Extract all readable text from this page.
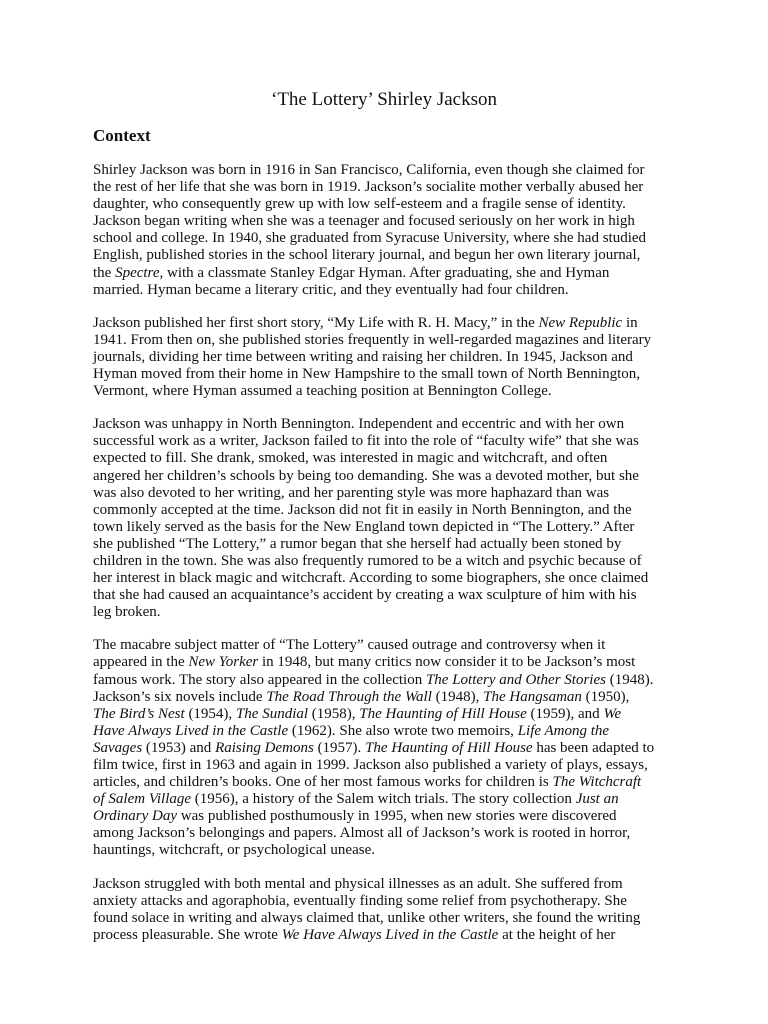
‘The Lottery’ Shirley Jackson
Context
Shirley Jackson was born in 1916 in San Francisco, California, even though she claimed for
the rest of her life that she was born in 1919. Jackson’s socialite mother verbally abused her
daughter, who consequently grew up with low self-esteem and a fragile sense of identity.
Jackson began writing when she was a teenager and focused seriously on her work in high
school and college. In 1940, she graduated from Syracuse University, where she had studied
English, published stories in the school literary journal, and begun her own literary journal,
the Spectre, with a classmate Stanley Edgar Hyman. After graduating, she and Hyman
married. Hyman became a literary critic, and they eventually had four children.
Jackson published her first short story, “My Life with R. H. Macy,” in the New Republic in
1941. From then on, she published stories frequently in well-regarded magazines and literary
journals, dividing her time between writing and raising her children. In 1945, Jackson and
Hyman moved from their home in New Hampshire to the small town of North Bennington,
Vermont, where Hyman assumed a teaching position at Bennington College.
Jackson was unhappy in North Bennington. Independent and eccentric and with her own
successful work as a writer, Jackson failed to fit into the role of “faculty wife” that she was
expected to fill. She drank, smoked, was interested in magic and witchcraft, and often
angered her children’s schools by being too demanding. She was a devoted mother, but she
was also devoted to her writing, and her parenting style was more haphazard than was
commonly accepted at the time. Jackson did not fit in easily in North Bennington, and the
town likely served as the basis for the New England town depicted in “The Lottery.” After
she published “The Lottery,” a rumor began that she herself had actually been stoned by
children in the town. She was also frequently rumored to be a witch and psychic because of
her interest in black magic and witchcraft. According to some biographers, she once claimed
that she had caused an acquaintance’s accident by creating a wax sculpture of him with his
leg broken.
The macabre subject matter of “The Lottery” caused outrage and controversy when it
appeared in the New Yorker in 1948, but many critics now consider it to be Jackson’s most
famous work. The story also appeared in the collection The Lottery and Other Stories (1948).
Jackson’s six novels include The Road Through the Wall (1948), The Hangsaman (1950),
The Bird’s Nest (1954), The Sundial (1958), The Haunting of Hill House (1959), and We
Have Always Lived in the Castle (1962). She also wrote two memoirs, Life Among the
Savages (1953) and Raising Demons (1957). The Haunting of Hill House has been adapted to
film twice, first in 1963 and again in 1999. Jackson also published a variety of plays, essays,
articles, and children’s books. One of her most famous works for children is The Witchcraft
of Salem Village (1956), a history of the Salem witch trials. The story collection Just an
Ordinary Day was published posthumously in 1995, when new stories were discovered
among Jackson’s belongings and papers. Almost all of Jackson’s work is rooted in horror,
hauntings, witchcraft, or psychological unease.
Jackson struggled with both mental and physical illnesses as an adult. She suffered from
anxiety attacks and agoraphobia, eventually finding some relief from psychotherapy. She
found solace in writing and always claimed that, unlike other writers, she found the writing
process pleasurable. She wrote We Have Always Lived in the Castle at the height of her
